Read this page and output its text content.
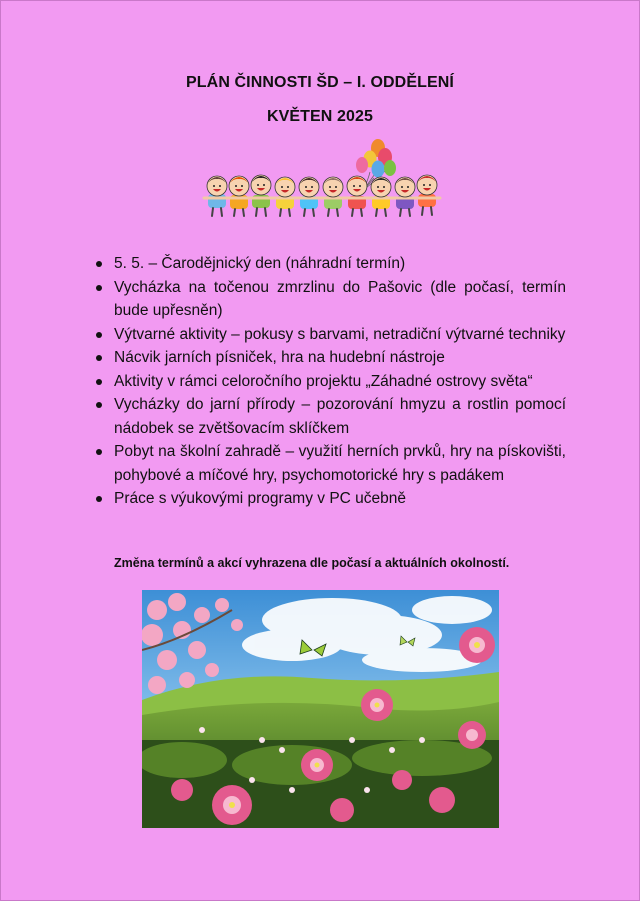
PLÁN ČINNOSTI ŠD – I. ODDĚLENÍ
KVĚTEN 2025
5. 5. – Čarodějnický den (náhradní termín)
Vycházka na točenou zmrzlinu do Pašovic (dle počasí, termín bude upřesněn)
Výtvarné aktivity – pokusy s barvami, netradiční výtvarné techniky
Nácvik jarních písniček, hra na hudební nástroje
Aktivity v rámci celoročního projektu „Záhadné ostrovy světa“
Vycházky do jarní přírody – pozorování hmyzu a rostlin pomocí nádobek se zvětšovacím sklíčkem
Pobyt na školní zahradě – využití herních prvků, hry na pískovišti, pohybové a míčové hry, psychomotorické hry s padákem
Práce s výukovými programy v PC učebně
Změna termínů a akcí vyhrazena dle počasí a aktuálních okolností.
